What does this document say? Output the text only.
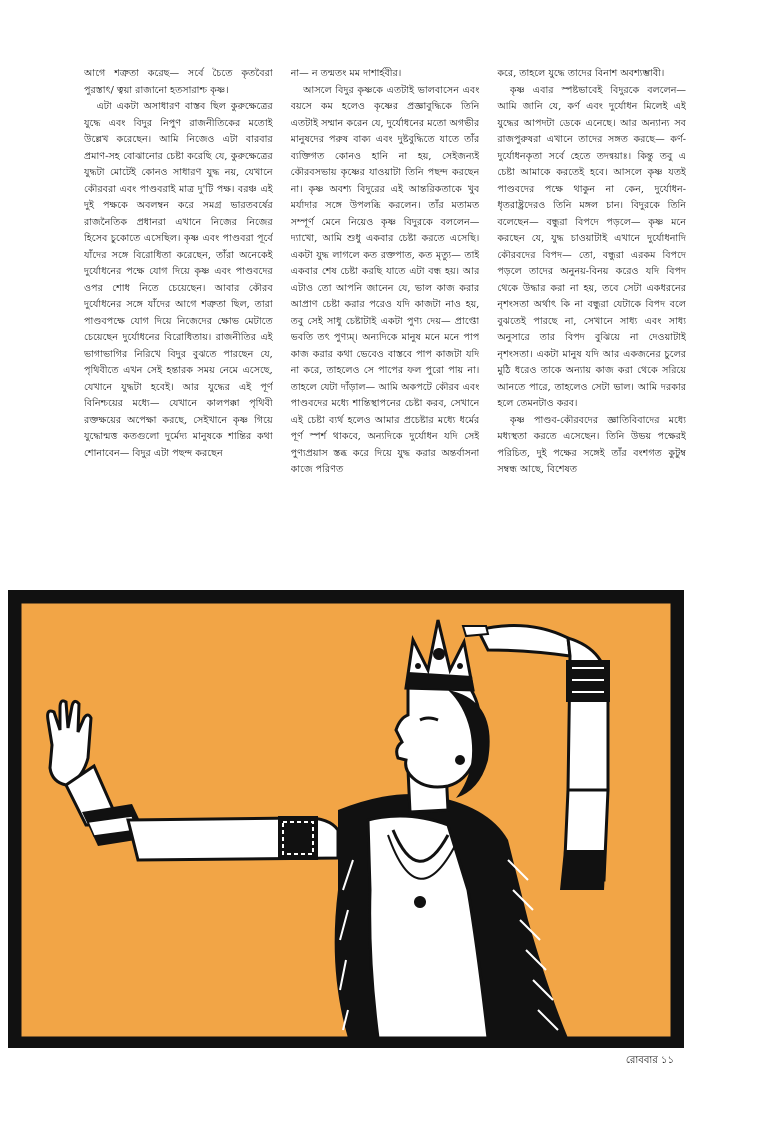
আগে শত্রুতা করেছ— সর্বে চৈতে কৃতবৈরা পুরস্তাৎ/ ত্বয়া রাজানো হতসারাশ্চ কৃষ্ণ।

এটা একটা অসাধারণ বাস্তব ছিল কুরুক্ষেত্রের যুদ্ধে এবং বিদুর নিপুণ রাজনীতিকের মতোই উল্লেখ করেছেন। আমি নিজেও এটা বারবার প্রমাণ-সহ বোঝানোর চেষ্টা করেছি যে, কুরুক্ষেত্রের যুদ্ধটা মোটেই কোনও সাধারণ যুদ্ধ নয়, যেখানে কৌরবরা এবং পাণ্ডবরাই মাত্র দু'টি পক্ষ। বরঞ্চ এই দুই পক্ষকে অবলম্বন করে সমগ্র ভারতবর্ষের রাজনৈতিক প্রধানরা এখানে নিজের নিজের হিসেব চুকোতে এসেছিল। কৃষ্ণ এবং পাণ্ডবরা পূর্বে যাঁদের সঙ্গে বিরোধিতা করেছেন, তাঁরা অনেকেই দুর্যোধনের পক্ষে যোগ দিয়ে কৃষ্ণ এবং পাণ্ডবদের ওপর শোধ নিতে চেয়েছেন। আবার কৌরব দুর্যোধনের সঙ্গে যাঁদের আগে শত্রুতা ছিল, তারা পাণ্ডবপক্ষে যোগ দিয়ে নিজেদের ক্ষোভ মেটাতে চেয়েছেন দুর্যোধনের বিরোধিতায়। রাজনীতির এই ভাগাভাগির নিরিখে বিদুর বুঝতে পারছেন যে, পৃথিবীতে এখন সেই হন্তারক সময় নেমে এসেছে, যেখানে যুদ্ধটা হবেই। আর যুদ্ধের এই পূর্ণ বিনিশ্চয়ের মধ্যে— যেখানে কালপক্কা পৃথিবী রক্তক্ষয়ের অপেক্ষা করছে, সেইখানে কৃষ্ণ গিয়ে যুদ্ধোন্মত্ত কতগুলো দুর্মেদ্য মানুষকে শান্তির কথা শোনাবেন— বিদুর এটা পছন্দ করছেন

না— ন তন্মতং মম দাশার্হবীর।

আসলে বিদুর কৃষ্ণকে এতটাই ভালবাসেন এবং বয়সে কম হলেও কৃষ্ণের প্রজ্ঞাবুদ্ধিকে তিনি এতটাই সম্মান করেন যে, দুর্যোধনের মতো অগভীর মানুষদের পরুষ বাক্য এবং দুষ্টবুদ্ধিতে যাতে তাঁর ব্যক্তিগত কোনও হানি না হয়, সেইজন্যই কৌরবসভায় কৃষ্ণের যাওয়াটা তিনি পছন্দ করছেন না। কৃষ্ণ অবশ্য বিদুরের এই আন্তরিকতাকে খুব মর্যাদার সঙ্গে উপলব্ধি করলেন। তাঁর মতামত সম্পূর্ণ মেনে নিয়েও কৃষ্ণ বিদুরকে বললেন— দ্যাখো, আমি শুধু একবার চেষ্টা করতে এসেছি। একটা যুদ্ধ লাগলে কত রক্তপাত, কত মৃত্যু— তাই একবার শেষ চেষ্টা করছি যাতে এটা বন্ধ হয়। আর এটাও তো আপনি জানেন যে, ভাল কাজ করার আপ্রাণ চেষ্টা করার পরেও যদি কাজটা নাও হয়, তবু সেই সাধু চেষ্টাটাই একটা পুণ্য দেয়— প্রাপ্তো ভবতি তৎ পুণ্যম্। অন্যদিকে মানুষ মনে মনে পাপ কাজ করার কথা ভেবেও বাস্তবে পাপ কাজটা যদি না করে, তাহলেও সে পাপের ফল পুরো পায় না। তাহলে যেটা দাঁড়াল— আমি অকপটে কৌরব এবং পাণ্ডবদের মধ্যে শান্তিস্থাপনের চেষ্টা করব, সেখানে এই চেষ্টা ব্যর্থ হলেও আমার প্রচেষ্টার মধ্যে ধর্মের পূর্ণ স্পর্শ থাকবে, অন্যদিকে দুর্যোধন যদি সেই পুণ্যপ্রয়াস স্তব্ধ করে দিয়ে যুদ্ধ করার অন্তর্বাসনা কাজে পরিণত

করে, তাহলে যুদ্ধে তাদের বিনাশ অবশ্যম্ভাবী।

কৃষ্ণ এবার স্পষ্টভাবেই বিদুরকে বললেন— আমি জানি যে, কর্ণ এবং দুর্যোধন মিলেই এই যুদ্ধের আপদটা ডেকে এনেছে। আর অন্যান্য সব রাজপুরুষরা এখানে তাদের সঙ্গত করছে— কর্ণ-দুর্যোধনকৃতা সর্বে হেতে তদন্বয়াঃ। কিন্তু তবু এ চেষ্টা আমাকে করতেই হবে। আসলে কৃষ্ণ যতই পাণ্ডবদের পক্ষে থাকুন না কেন, দুর্যোধন-ধৃতরাষ্ট্রদেরও তিনি মঙ্গল চান। বিদুরকে তিনি বলেছেন— বন্ধুরা বিপদে পড়লে— কৃষ্ণ মনে করছেন যে, যুদ্ধ চাওয়াটাই এখানে দুর্যোধনাদি কৌরবদের বিপদ— তো, বন্ধুরা এরকম বিপদে পড়লে তাদের অনুনয়-বিনয় করেও যদি বিপদ থেকে উদ্ধার করা না হয়, তবে সেটা একধরনের নৃশংসতা অর্থাৎ কি না বন্ধুরা যেটাকে বিপদ বলে বুঝতেই পারছে না, সেখানে সাধ্য এবং সাধ্য অনুসারে তার বিপদ বুঝিয়ে না দেওয়াটাই নৃশংসতা। একটা মানুষ যদি আর একজনের চুলের মুঠি ধরেও তাকে অন্যায় কাজ করা থেকে সরিয়ে আনতে পারে, তাহলেও সেটা ভাল। আমি দরকার হলে তেমনটাও করব।

কৃষ্ণ পাণ্ডব-কৌরবদের জ্ঞাতিবিবাদের মধ্যে মধ্যস্থতা করতে এসেছেন। তিনি উভয় পক্ষেরই পরিচিত, দুই পক্ষের সঙ্গেই তাঁর বংশগত কুটুম্ব সম্বন্ধ আছে, বিশেষত

রোববার ১১
